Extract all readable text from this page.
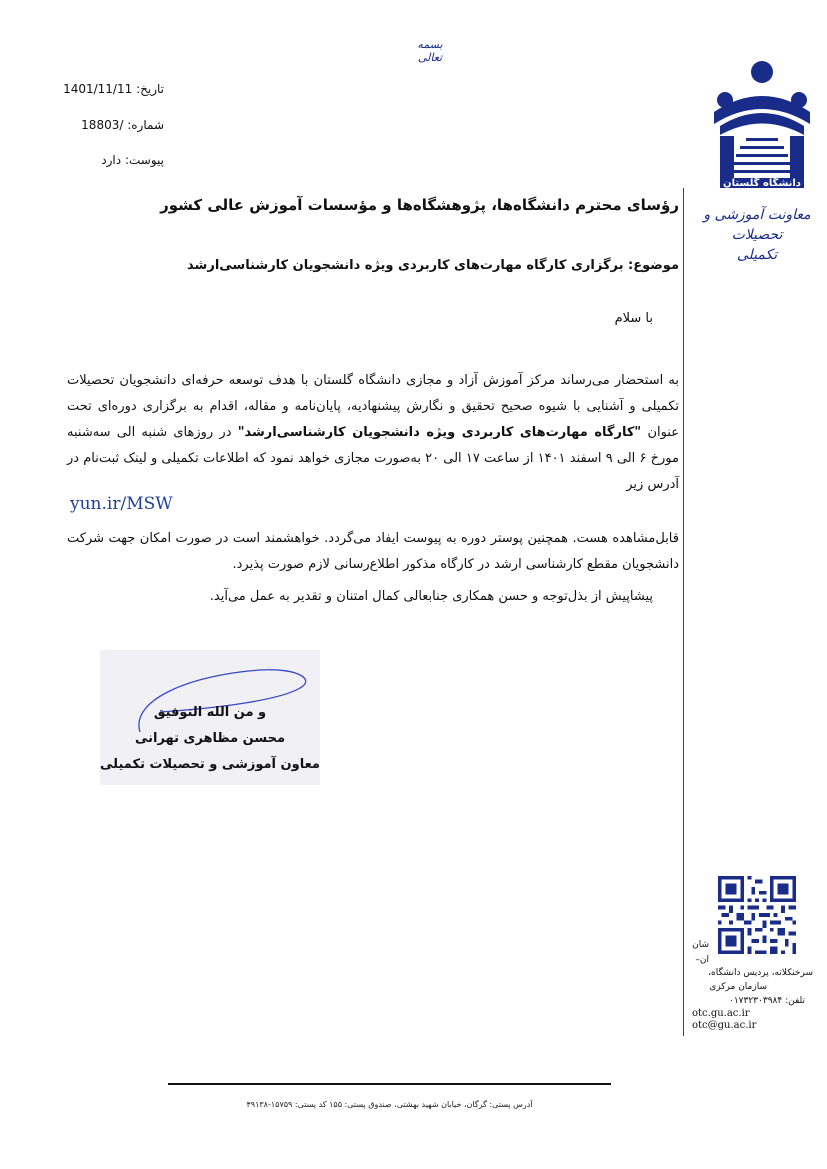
بسمه تعالی
تاریخ: 1401/11/11
شماره: 18803/
پیوست: دارد
رؤسای محترم دانشگاه‌ها، پژوهشگاه‌ها و مؤسسات آموزش عالی کشور
موضوع: برگزاری کارگاه مهارت‌های کاربردی ویژه دانشجویان کارشناسی‌ارشد
با سلام
به استحضار می‌رساند مرکز آموزش آزاد و مجازی دانشگاه گلستان با هدف توسعه حرفه‌ای دانشجویان تحصیلات تکمیلی و آشنایی با شیوه صحیح تحقیق و نگارش پیشنهادیه، پایان‌نامه و مقاله، اقدام به برگزاری دوره‌ای تحت عنوان "کارگاه مهارت‌های کاربردی ویژه دانشجویان کارشناسی‌ارشد" در روزهای شنبه الی سه‌شنبه مورخ ۶ الی ۹ اسفند ۱۴۰۱ از ساعت ۱۷ الی ۲۰ به‌صورت مجازی خواهد نمود که اطلاعات تکمیلی و لینک ثبت‌نام در آدرس زیر
yun.ir/MSW
قابل‌مشاهده هست. همچنین پوستر دوره به پیوست ایفاد می‌گردد. خواهشمند است در صورت امکان جهت شرکت دانشجویان مقطع کارشناسی ارشد در کارگاه مذکور اطلاع‌رسانی لازم صورت پذیرد.
پیشاپیش از بذل‌توجه و حسن همکاری جنابعالی کمال امتنان و تقدیر به عمل می‌آید.
و من الله التوفیق
محسن مظاهری تهرانی
معاون آموزشی و تحصیلات تکمیلی
دانشگاه گلستان
معاونت آموزشی و تحصیلات
تکمیلی
شان
ان–
سرخنکلاته، پردیس دانشگاه،
سازمان مرکزی
تلفن: ۰۱۷۳۲۳۰۳۹۸۴
otc.gu.ac.ir
otc@gu.ac.ir
آدرس پستی: گرگان، خیابان شهید بهشتی، صندوق پستی: ۱۵۵ کد پستی: ۱۵۷۵۹-۴۹۱۳۸
